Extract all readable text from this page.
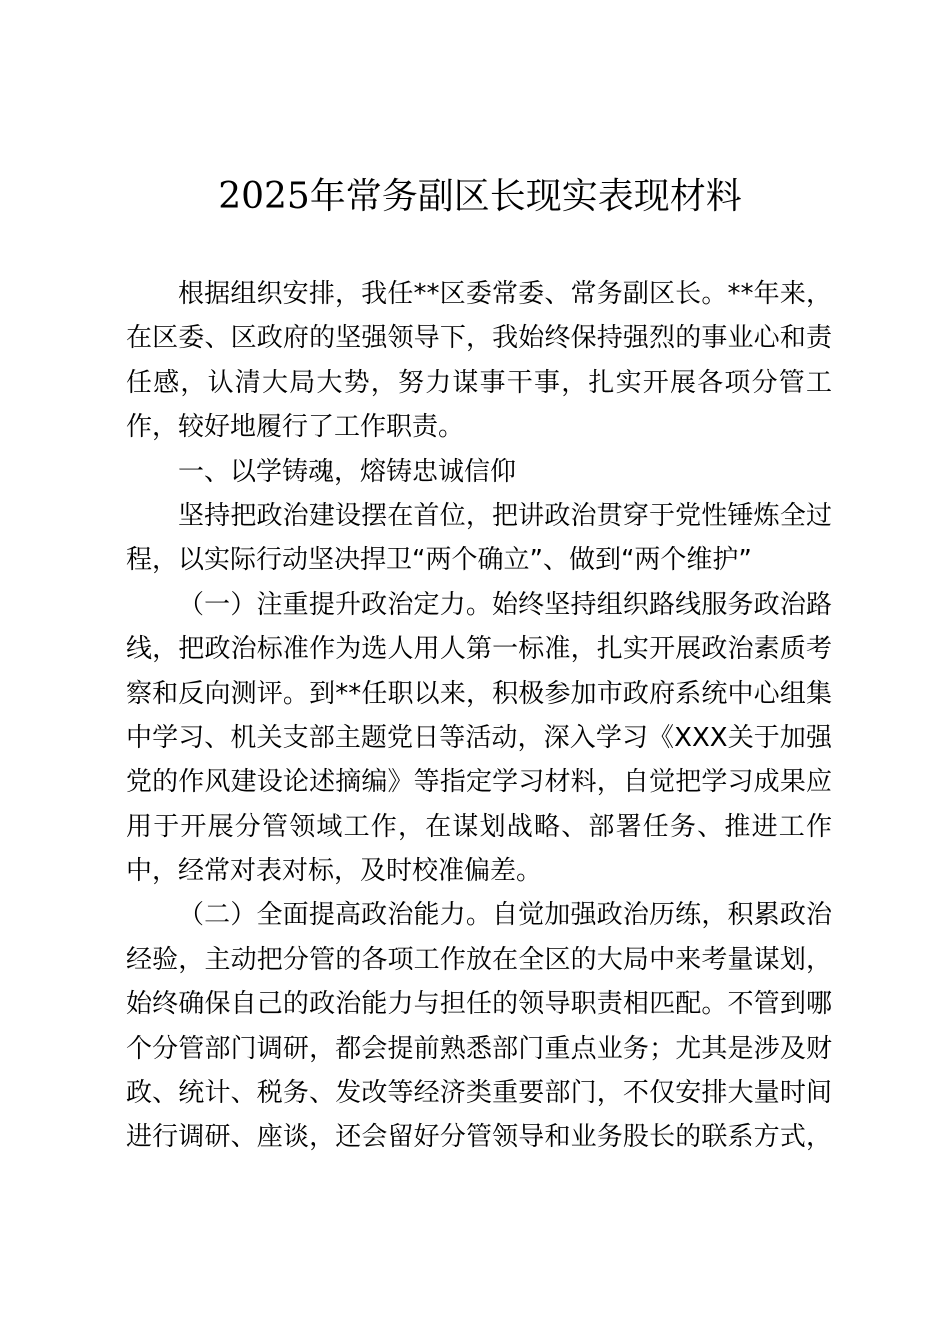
2025年常务副区长现实表现材料
根据组织安排，我任**区委常委、常务副区长。**年来，
在区委、区政府的坚强领导下，我始终保持强烈的事业心和责
任感，认清大局大势，努力谋事干事，扎实开展各项分管工
作，较好地履行了工作职责。
一、以学铸魂，熔铸忠诚信仰
坚持把政治建设摆在首位，把讲政治贯穿于党性锤炼全过
程，以实际行动坚决捍卫“两个确立”、做到“两个维护”
（一）注重提升政治定力。始终坚持组织路线服务政治路
线，把政治标准作为选人用人第一标准，扎实开展政治素质考
察和反向测评。到**任职以来，积极参加市政府系统中心组集
中学习、机关支部主题党日等活动，深入学习《XXX关于加强
党的作风建设论述摘编》等指定学习材料，自觉把学习成果应
用于开展分管领域工作，在谋划战略、部署任务、推进工作
中，经常对表对标，及时校准偏差。
（二）全面提高政治能力。自觉加强政治历练，积累政治
经验，主动把分管的各项工作放在全区的大局中来考量谋划，
始终确保自己的政治能力与担任的领导职责相匹配。不管到哪
个分管部门调研，都会提前熟悉部门重点业务；尤其是涉及财
政、统计、税务、发改等经济类重要部门，不仅安排大量时间
进行调研、座谈，还会留好分管领导和业务股长的联系方式，
